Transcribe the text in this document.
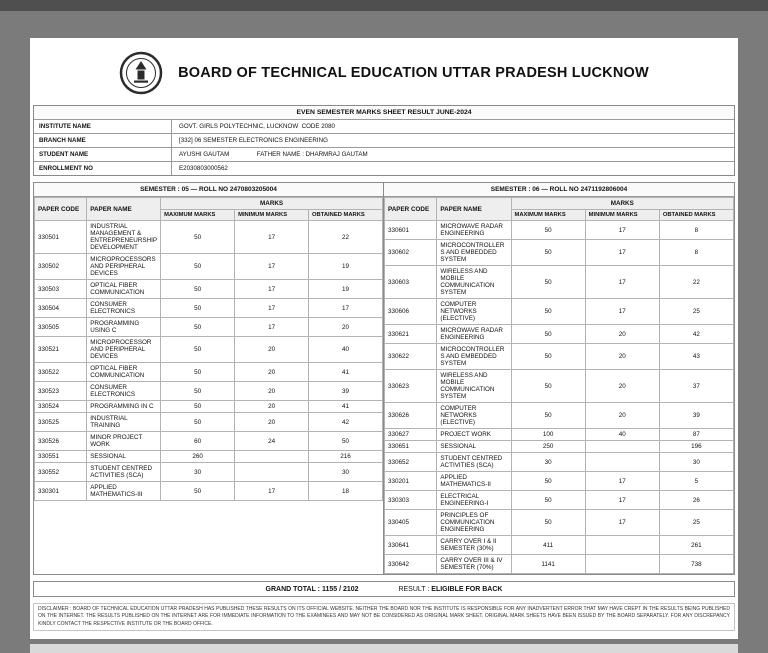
BOARD OF TECHNICAL EDUCATION UTTAR PRADESH LUCKNOW
EVEN SEMESTER MARKS SHEET RESULT JUNE-2024
INSTITUTE NAME	GOVT. GIRLS POLYTECHNIC, LUCKNOW  CODE 2080
BRANCH NAME	[332] 06 SEMESTER ELECTRONICS ENGINEERING
STUDENT NAME	AYUSHI GAUTAM                FATHER NAME : DHARMRAJ GAUTAM
ENROLLMENT NO	E2030803000562
SEMESTER : 05 — ROLL NO 2470803205004
PAPER CODE	PAPER NAME	MARKS		
		MAXIMUM MARKS	MINIMUM MARKS	OBTAINED MARKS
330501	INDUSTRIAL MANAGEMENT & ENTREPRENEURSHIP DEVELOPMENT	50	17	22
330502	MICROPROCESSORS AND PERIPHERAL DEVICES	50	17	19
330503	OPTICAL FIBER COMMUNICATION	50	17	19
330504	CONSUMER ELECTRONICS	50	17	17
330505	PROGRAMMING USING C	50	17	20
330521	MICROPROCESSOR AND PERIPHERAL DEVICES	50	20	40
330522	OPTICAL FIBER COMMUNICATION	50	20	41
330523	CONSUMER ELECTRONICS	50	20	39
330524	PROGRAMMING IN C	50	20	41
330525	INDUSTRIAL TRAINING	50	20	42
330526	MINOR PROJECT WORK	60	24	50
330551	SESSIONAL	260		216
330552	STUDENT CENTRED ACTIVITIES (SCA)	30		30
330301	APPLIED MATHEMATICS-III	50	17	18
SEMESTER : 06 — ROLL NO 2471192806004
PAPER CODE	PAPER NAME	MARKS		
		MAXIMUM MARKS	MINIMUM MARKS	OBTAINED MARKS
330601	MICROWAVE RADAR ENGINEERING	50	17	8
330602	MICROCONTROLLERS AND EMBEDDED SYSTEM	50	17	8
330603	WIRELESS AND MOBILE COMMUNICATION SYSTEM	50	17	22
330606	COMPUTER NETWORKS (ELECTIVE)	50	17	25
330621	MICROWAVE RADAR ENGINEERING	50	20	42
330622	MICROCONTROLLERS AND EMBEDDED SYSTEM	50	20	43
330623	WIRELESS AND MOBILE COMMUNICATION SYSTEM	50	20	37
330626	COMPUTER NETWORKS (ELECTIVE)	50	20	39
330627	PROJECT WORK	100	40	87
330651	SESSIONAL	250		196
330652	STUDENT CENTRED ACTIVITIES (SCA)	30		30
330201	APPLIED MATHEMATICS-II	50	17	5
330303	ELECTRICAL ENGINEERING-I	50	17	26
330405	PRINCIPLES OF COMMUNICATION ENGINEERING	50	17	25
330641	CARRY OVER I & II SEMESTER (30%)	411		261
330642	CARRY OVER III & IV SEMESTER (70%)	1141		738
GRAND TOTAL : 1155 / 2102	RESULT : ELIGIBLE FOR BACK
DISCLAIMER : BOARD OF TECHNICAL EDUCATION UTTAR PRADESH HAS PUBLISHED THESE RESULTS ON ITS OFFICIAL WEBSITE. NEITHER THE BOARD NOR THE INSTITUTE IS RESPONSIBLE FOR ANY INADVERTENT ERROR THAT MAY HAVE CREPT IN THE RESULTS BEING PUBLISHED ON THE INTERNET. THE RESULTS PUBLISHED ON THE INTERNET ARE FOR IMMEDIATE INFORMATION TO THE EXAMINEES AND MAY NOT BE CONSIDERED AS ORIGINAL MARK SHEET. ORIGINAL MARK SHEETS HAVE BEEN ISSUED BY THE BOARD SEPARATELY. FOR ANY DISCREPANCY KINDLY CONTACT THE RESPECTIVE INSTITUTE OR THE BOARD OFFICE.
